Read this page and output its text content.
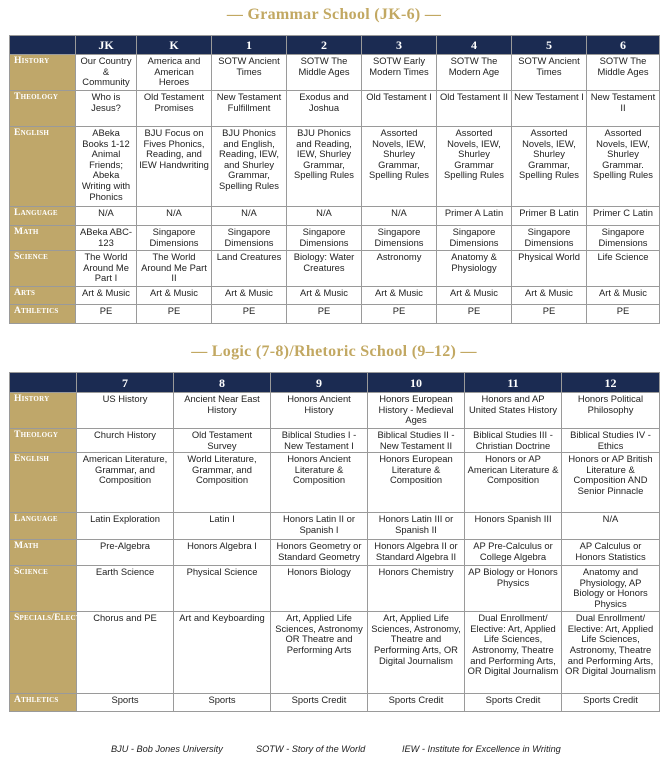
— Grammar School (JK-6) —
	JK	K	1	2	3	4	5	6
History	Our Country & Community	America and American Heroes	SOTW Ancient Times	SOTW The Middle Ages	SOTW Early Modern Times	SOTW The Modern Age	SOTW Ancient Times	SOTW The Middle Ages
Theology	Who is Jesus?	Old Testament Promises	New Testament Fulfillment	Exodus and Joshua	Old Testament I	Old Testament II	New Testament I	New Testament II
English	ABeka Books 1-12 Animal Friends; Abeka Writing with Phonics	BJU Focus on Fives Phonics, Reading, and IEW Handwriting	BJU Phonics and English, Reading, IEW, and Shurley Grammar, Spelling Rules	BJU Phonics and Reading, IEW, Shurley Grammar, Spelling Rules	Assorted Novels, IEW, Shurley Grammar, Spelling Rules	Assorted Novels, IEW, Shurley Grammar Spelling Rules	Assorted Novels, IEW, Shurley Grammar, Spelling Rules	Assorted Novels, IEW, Shurley Grammar. Spelling Rules
Language	N/A	N/A	N/A	N/A	N/A	Primer A Latin	Primer B Latin	Primer C Latin
Math	ABeka ABC-123	Singapore Dimensions	Singapore Dimensions	Singapore Dimensions	Singapore Dimensions	Singapore Dimensions	Singapore Dimensions	Singapore Dimensions
Science	The World Around Me Part I	The World Around Me Part II	Land Creatures	Biology: Water Creatures	Astronomy	Anatomy & Physiology	Physical World	Life Science
Arts	Art & Music	Art & Music	Art & Music	Art & Music	Art & Music	Art & Music	Art & Music	Art & Music
Athletics	PE	PE	PE	PE	PE	PE	PE	PE
— Logic (7-8)/Rhetoric School (9–12) —
	7	8	9	10	11	12
History	US History	Ancient Near East History	Honors Ancient History	Honors European History - Medieval Ages	Honors and AP United States History	Honors Political Philosophy
Theology	Church History	Old Testament Survey	Biblical Studies I - New Testament I	Biblical Studies II - New Testament II	Biblical Studies III - Christian Doctrine	Biblical Studies IV - Ethics
English	American Literature, Grammar, and Composition	World Literature, Grammar, and Composition	Honors Ancient Literature & Composition	Honors European Literature & Composition	Honors or AP American Literature & Composition	Honors or AP British Literature & Composition AND Senior Pinnacle
Language	Latin Exploration	Latin I	Honors Latin II or Spanish I	Honors Latin III or Spanish II	Honors Spanish III	N/A
Math	Pre-Algebra	Honors Algebra I	Honors Geometry or Standard Geometry	Honors Algebra II or Standard Algebra II	AP Pre-Calculus or College Algebra	AP Calculus or Honors Statistics
Science	Earth Science	Physical Science	Honors Biology	Honors Chemistry	AP Biology or Honors Physics	Anatomy and Physiology, AP Biology or Honors Physics
Specials/Elective	Chorus and PE	Art and Keyboarding	Art, Applied Life Sciences, Astronomy OR Theatre and Performing Arts	Art, Applied Life Sciences, Astronomy, Theatre and Performing Arts, OR Digital Journalism	Dual Enrollment/ Elective: Art, Applied Life Sciences, Astronomy, Theatre and Performing Arts, OR Digital Journalism	Dual Enrollment/ Elective: Art, Applied Life Sciences, Astronomy, Theatre and Performing Arts, OR Digital Journalism
Athletics	Sports	Sports	Sports Credit	Sports Credit	Sports Credit	Sports Credit
BJU - Bob Jones University	SOTW - Story of the World	IEW - Institute for Excellence in Writing
